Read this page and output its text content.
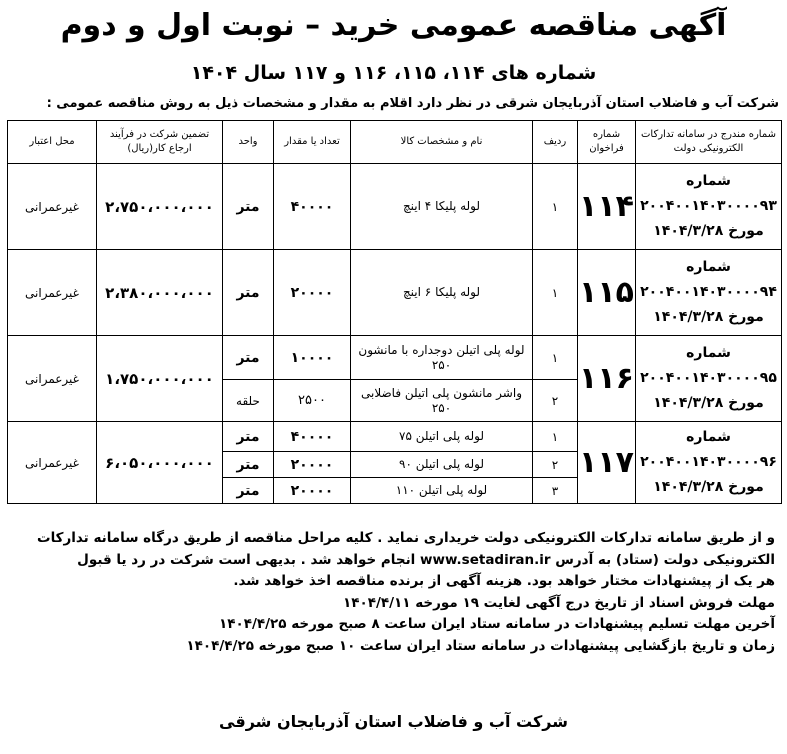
آگهی مناقصه عمومی خرید – نوبت اول و دوم
شماره های ۱۱۴، ۱۱۵، ۱۱۶ و ۱۱۷ سال ۱۴۰۴
شرکت آب و فاضلاب استان آذربایجان شرقی در نظر دارد اقلام به مقدار و مشخصات ذیل به روش مناقصه عمومی :
شماره مندرج در سامانه تدارکات الکترونیکی دولت	شماره فراخوان	ردیف	نام و مشخصات کالا	تعداد یا مقدار	واحد	تضمین شرکت در فرآیند ارجاع کار(ریال)	محل اعتبار

شماره
۲۰۰۴۰۰۱۴۰۳۰۰۰۰۹۳
مورخ ۱۴۰۴/۳/۲۸	۱۱۴	۱	لوله پلیکا ۴ اینچ	۴۰۰۰۰	متر	۲،۷۵۰،۰۰۰،۰۰۰	غیرعمرانی

شماره
۲۰۰۴۰۰۱۴۰۳۰۰۰۰۹۴
مورخ ۱۴۰۴/۳/۲۸	۱۱۵	۱	لوله پلیکا ۶ اینچ	۲۰۰۰۰	متر	۲،۳۸۰،۰۰۰،۰۰۰	غیرعمرانی

شماره
۲۰۰۴۰۰۱۴۰۳۰۰۰۰۹۵
مورخ ۱۴۰۴/۳/۲۸	۱۱۶	۱	لوله پلی اتیلن دوجداره با مانشون ۲۵۰	۱۰۰۰۰	متر	۱،۷۵۰،۰۰۰،۰۰۰	غیرعمرانی
		۲	واشر مانشون پلی اتیلن فاضلابی ۲۵۰	۲۵۰۰	حلقه		

شماره
۲۰۰۴۰۰۱۴۰۳۰۰۰۰۹۶
مورخ ۱۴۰۴/۳/۲۸	۱۱۷	۱	لوله پلی اتیلن ۷۵	۴۰۰۰۰	متر	۶،۰۵۰،۰۰۰،۰۰۰	غیرعمرانی
		۲	لوله پلی اتیلن ۹۰	۲۰۰۰۰	متر		
		۳	لوله پلی اتیلن ۱۱۰	۲۰۰۰۰	متر		

و از طریق سامانه تدارکات الکترونیکی دولت خریداری نماید . کلیه مراحل مناقصه از طریق درگاه سامانه تدارکات

الکترونیکی دولت (ستاد) به آدرس www.setadiran.ir انجام خواهد شد . بدیهی است شرکت در رد یا قبول

هر یک از پیشنهادات مختار خواهد بود. هزینه آگهی از برنده مناقصه اخذ خواهد شد.

مهلت فروش اسناد از تاریخ درج آگهی لغایت ۱۹ مورخه ۱۴۰۴/۴/۱۱

آخرین مهلت تسلیم پیشنهادات در سامانه ستاد ایران ساعت ۸ صبح مورخه ۱۴۰۴/۴/۲۵

زمان و تاریخ بازگشایی پیشنهادات در سامانه ستاد ایران ساعت ۱۰ صبح مورخه ۱۴۰۴/۴/۲۵

شرکت آب و فاضلاب استان آذربایجان شرقی
